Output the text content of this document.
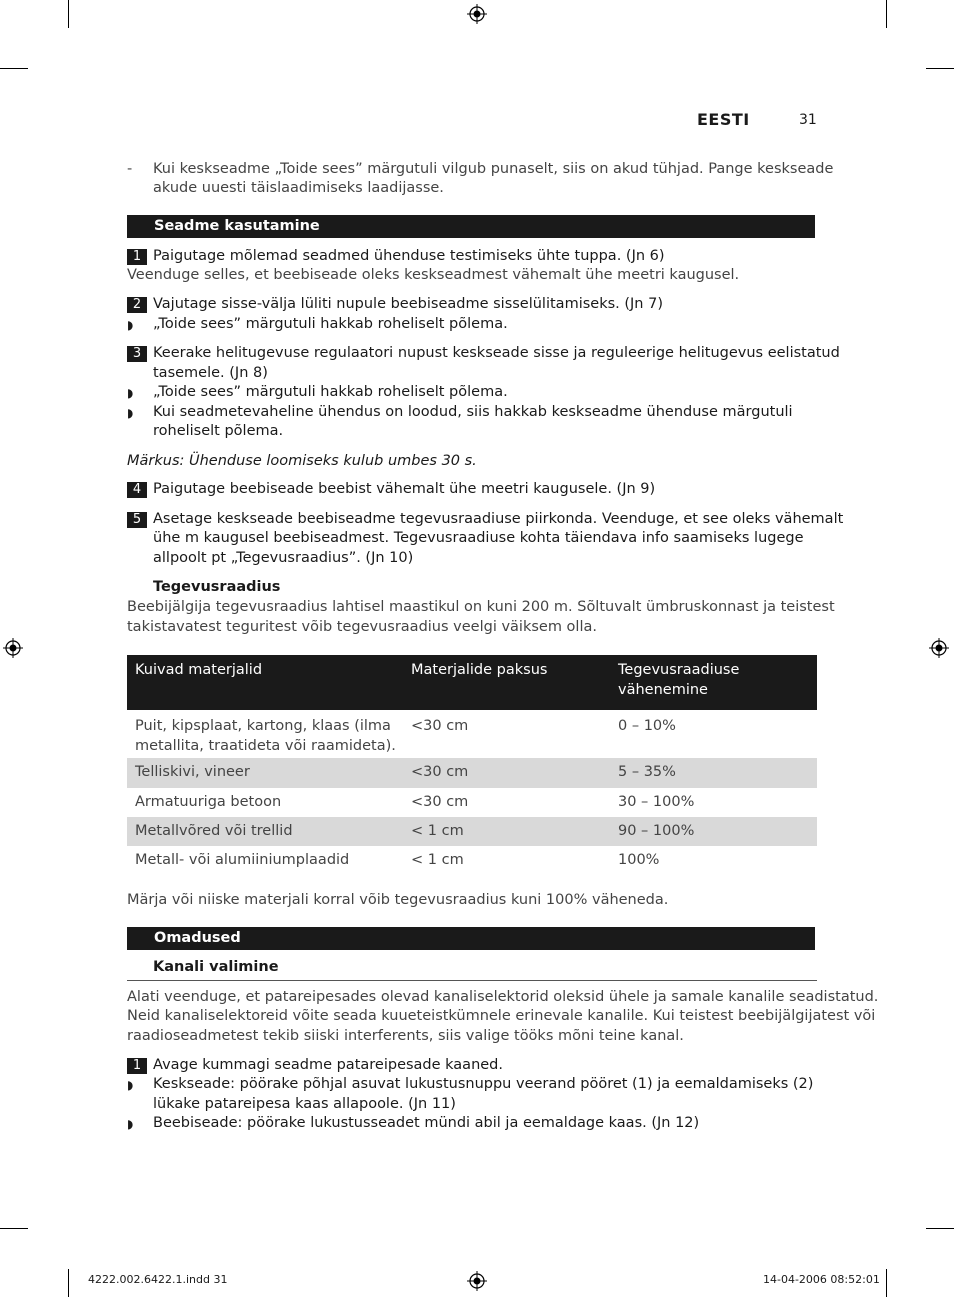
EESTI	31
- Kui keskseadme „Toide sees” märgutuli vilgub punaselt, siis on akud tühjad. Pange keskseade
akude uuesti täislaadimiseks laadijasse.
Seadme kasutamine
1 Paigutage mõlemad seadmed ühenduse testimiseks ühte tuppa. (Jn 6)
Veenduge selles, et beebiseade oleks keskseadmest vähemalt ühe meetri kaugusel.
2 Vajutage sisse-välja lüliti nupule beebiseadme sisselülitamiseks. (Jn 7)
◗ „Toide sees” märgutuli hakkab roheliselt põlema.
3 Keerake helitugevuse regulaatori nupust keskseade sisse ja reguleerige helitugevus eelistatud
tasemele. (Jn 8)
◗ „Toide sees” märgutuli hakkab roheliselt põlema.
◗ Kui seadmetevaheline ühendus on loodud, siis hakkab keskseadme ühenduse märgutuli
roheliselt põlema.
Märkus: Ühenduse loomiseks kulub umbes 30 s.
4 Paigutage beebiseade beebist vähemalt ühe meetri kaugusele. (Jn 9)
5 Asetage keskseade beebiseadme tegevusraadiuse piirkonda. Veenduge, et see oleks vähemalt
ühe m kaugusel beebiseadmest. Tegevusraadiuse kohta täiendava info saamiseks lugege
allpoolt pt „Tegevusraadius”. (Jn 10)
Tegevusraadius
Beebijälgija tegevusraadius lahtisel maastikul on kuni 200 m. Sõltuvalt ümbruskonnast ja teistest
takistavatest teguritest võib tegevusraadius veelgi väiksem olla.
Kuivad materjalid	Materjalide paksus	Tegevusraadiuse
vähenemine
Puit, kipsplaat, kartong, klaas (ilma
metallita, traatideta või raamideta).
<30 cm	0 – 10%
Telliskivi, vineer	<30 cm	5 – 35%
Armatuuriga betoon	<30 cm	30 – 100%
Metallvõred või trellid	< 1 cm	90 – 100%
Metall- või alumiiniumplaadid	< 1 cm	100%
Märja või niiske materjali korral võib tegevusraadius kuni 100% väheneda.
Omadused
Kanali valimine
Alati veenduge, et patareipesades olevad kanaliselektorid oleksid ühele ja samale kanalile seadistatud.
Neid kanaliselektoreid võite seada kuueteistkümnele erinevale kanalile. Kui teistest beebijälgijatest või
raadioseadmetest tekib siiski interferents, siis valige tööks mõni teine kanal.
1 Avage kummagi seadme patareipesade kaaned.
◗ Keskseade: pöörake põhjal asuvat lukustusnuppu veerand pööret (1) ja eemaldamiseks (2)
lükake patareipesa kaas allapoole. (Jn 11)
◗ Beebiseade: pöörake lukustusseadet mündi abil ja eemaldage kaas. (Jn 12)
4222.002.6422.1.indd 31	14-04-2006 08:52:01
